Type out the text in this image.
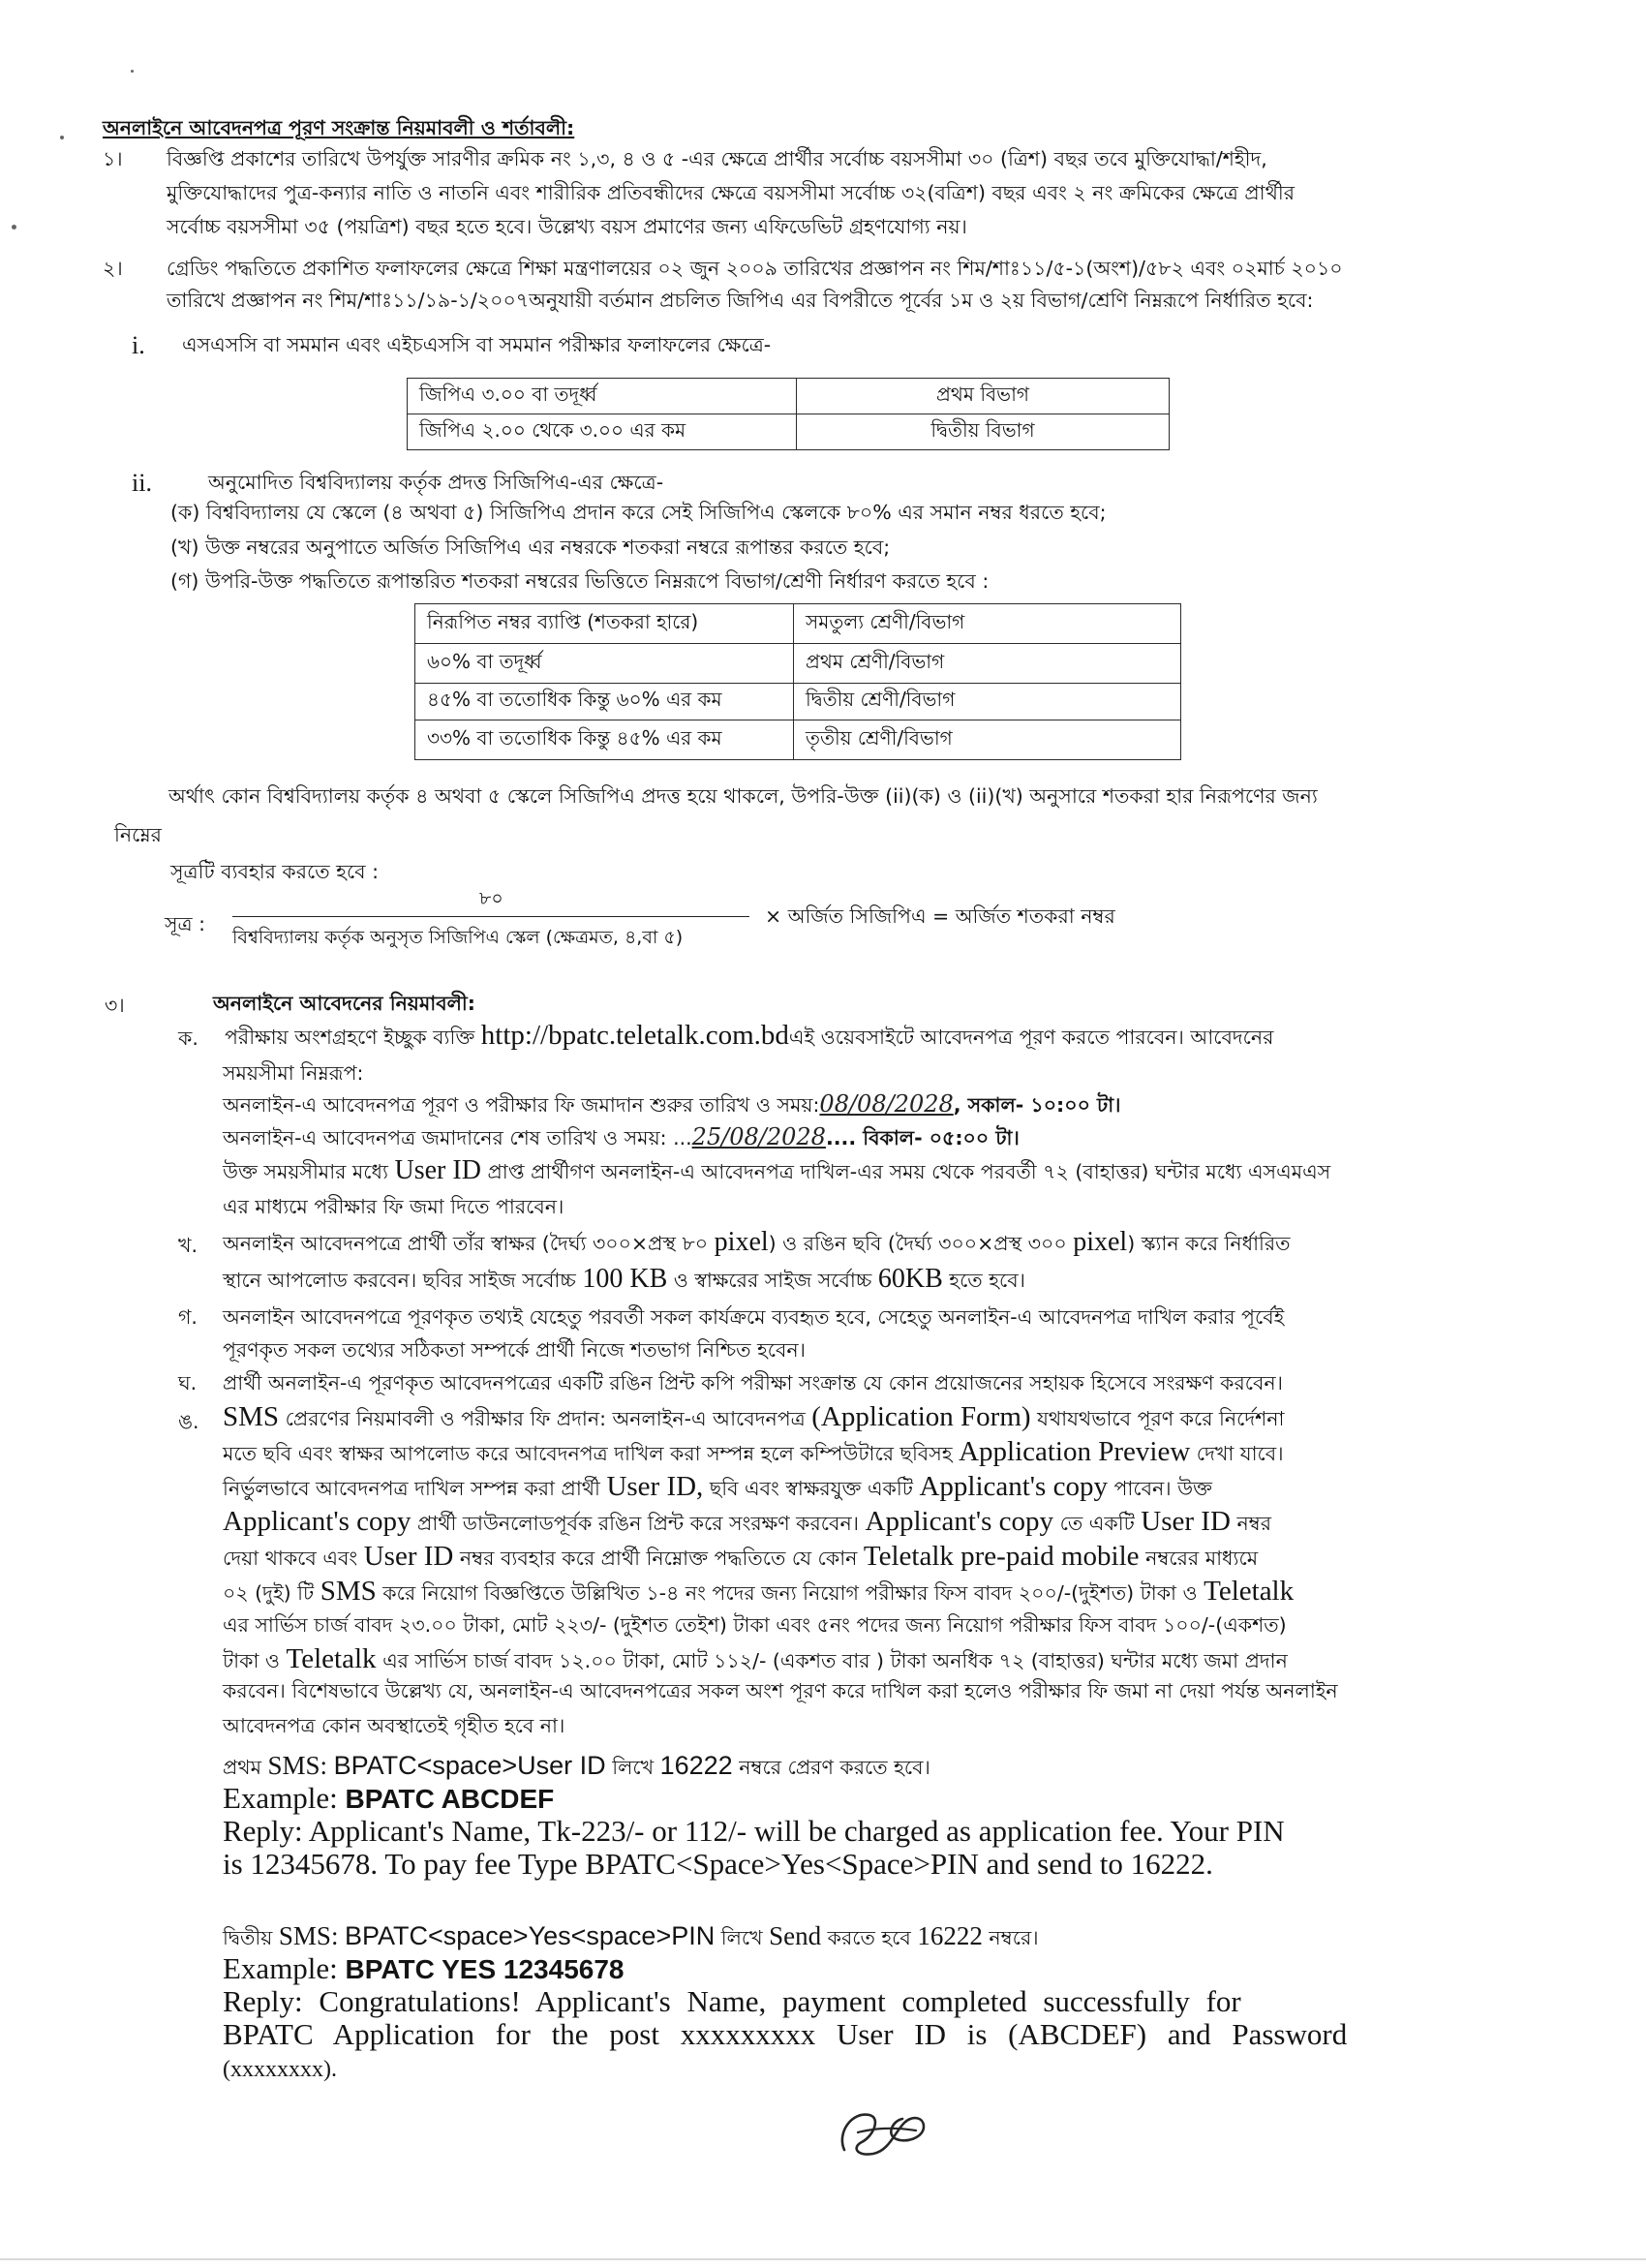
অনলাইনে আবেদনপত্র পূরণ সংক্রান্ত নিয়মাবলী ও শর্তাবলী:
১। বিজ্ঞপ্তি প্রকাশের তারিখে উপর্যুক্ত সারণীর ক্রমিক নং ১,৩, ৪ ও ৫ -এর ক্ষেত্রে প্রার্থীর সর্বোচ্চ বয়সসীমা ৩০ (ত্রিশ) বছর তবে মুক্তিযোদ্ধা/শহীদ,
মুক্তিযোদ্ধাদের পুত্র-কন্যার নাতি ও নাতনি এবং শারীরিক প্রতিবন্ধীদের ক্ষেত্রে বয়সসীমা সর্বোচ্চ ৩২(বত্রিশ) বছর এবং ২ নং ক্রমিকের ক্ষেত্রে প্রার্থীর
সর্বোচ্চ বয়সসীমা ৩৫ (পয়ত্রিশ) বছর হতে হবে। উল্লেখ্য বয়স প্রমাণের জন্য এফিডেভিট গ্রহণযোগ্য নয়।
২। গ্রেডিং পদ্ধতিতে প্রকাশিত ফলাফলের ক্ষেত্রে শিক্ষা মন্ত্রণালয়ের ০২ জুন ২০০৯ তারিখের প্রজ্ঞাপন নং শিম/শাঃ১১/৫-১(অংশ)/৫৮২ এবং ০২মার্চ ২০১০
তারিখে প্রজ্ঞাপন নং শিম/শাঃ১১/১৯-১/২০০৭অনুযায়ী বর্তমান প্রচলিত জিপিএ এর বিপরীতে পূর্বের ১ম ও ২য় বিভাগ/শ্রেণি নিম্নরূপে নির্ধারিত হবে:
i. এসএসসি বা সমমান এবং এইচএসসি বা সমমান পরীক্ষার ফলাফলের ক্ষেত্রে-
জিপিএ ৩.০০ বা তদূর্ধ্ব	প্রথম বিভাগ
জিপিএ ২.০০ থেকে ৩.০০ এর কম	দ্বিতীয় বিভাগ
ii.	অনুমোদিত বিশ্ববিদ্যালয় কর্তৃক প্রদত্ত সিজিপিএ-এর ক্ষেত্রে-
(ক) বিশ্ববিদ্যালয় যে স্কেলে (৪ অথবা ৫) সিজিপিএ প্রদান করে সেই সিজিপিএ স্কেলকে ৮০% এর সমান নম্বর ধরতে হবে;
(খ) উক্ত নম্বরের অনুপাতে অর্জিত সিজিপিএ এর নম্বরকে শতকরা নম্বরে রূপান্তর করতে হবে;
(গ) উপরি-উক্ত পদ্ধতিতে রূপান্তরিত শতকরা নম্বরের ভিত্তিতে নিম্নরূপে বিভাগ/শ্রেণী নির্ধারণ করতে হবে :
নিরূপিত নম্বর ব্যাপ্তি (শতকরা হারে)	সমতুল্য শ্রেণী/বিভাগ
৬০% বা তদূর্ধ্ব	প্রথম শ্রেণী/বিভাগ
৪৫% বা ততোধিক কিন্তু ৬০% এর কম	দ্বিতীয় শ্রেণী/বিভাগ
৩৩% বা ততোধিক কিন্তু ৪৫% এর কম	তৃতীয় শ্রেণী/বিভাগ
অর্থাৎ কোন বিশ্ববিদ্যালয় কর্তৃক ৪ অথবা ৫ স্কেলে সিজিপিএ প্রদত্ত হয়ে থাকলে, উপরি-উক্ত (ii)(ক) ও (ii)(খ) অনুসারে শতকরা হার নিরূপণের জন্য
নিম্নের
সূত্রটি ব্যবহার করতে হবে :
সূত্র :
৮০
বিশ্ববিদ্যালয় কর্তৃক অনুসৃত সিজিপিএ স্কেল (ক্ষেত্রমত, ৪,বা ৫)
× অর্জিত সিজিপিএ = অর্জিত শতকরা নম্বর
৩।	অনলাইনে আবেদনের নিয়মাবলী:
ক. পরীক্ষায় অংশগ্রহণে ইচ্ছুক ব্যক্তি http://bpatc.teletalk.com.bdএই ওয়েবসাইটে আবেদনপত্র পূরণ করতে পারবেন। আবেদনের
সময়সীমা নিম্নরূপ:
অনলাইন-এ আবেদনপত্র পূরণ ও পরীক্ষার ফি জমাদান শুরুর তারিখ ও সময়:08/08/2028, সকাল- ১০:০০ টা।
অনলাইন-এ আবেদনপত্র জমাদানের শেষ তারিখ ও সময়: ...25/08/2028.... বিকাল- ০৫:০০ টা।
উক্ত সময়সীমার মধ্যে User ID প্রাপ্ত প্রার্থীগণ অনলাইন-এ আবেদনপত্র দাখিল-এর সময় থেকে পরবর্তী ৭২ (বাহাত্তর) ঘন্টার মধ্যে এসএমএস
এর মাধ্যমে পরীক্ষার ফি জমা দিতে পারবেন।
খ. অনলাইন আবেদনপত্রে প্রার্থী তাঁর স্বাক্ষর (দৈর্ঘ্য ৩০০×প্রস্থ ৮০ pixel) ও রঙিন ছবি (দৈর্ঘ্য ৩০০×প্রস্থ ৩০০ pixel) স্ক্যান করে নির্ধারিত
স্থানে আপলোড করবেন। ছবির সাইজ সর্বোচ্চ 100 KB ও স্বাক্ষরের সাইজ সর্বোচ্চ 60KB হতে হবে।
গ. অনলাইন আবেদনপত্রে পূরণকৃত তথ্যই যেহেতু পরবর্তী সকল কার্যক্রমে ব্যবহৃত হবে, সেহেতু অনলাইন-এ আবেদনপত্র দাখিল করার পূর্বেই
পূরণকৃত সকল তথ্যের সঠিকতা সম্পর্কে প্রার্থী নিজে শতভাগ নিশ্চিত হবেন।
ঘ. প্রার্থী অনলাইন-এ পূরণকৃত আবেদনপত্রের একটি রঙিন প্রিন্ট কপি পরীক্ষা সংক্রান্ত যে কোন প্রয়োজনের সহায়ক হিসেবে সংরক্ষণ করবেন।
ঙ. SMS প্রেরণের নিয়মাবলী ও পরীক্ষার ফি প্রদান: অনলাইন-এ আবেদনপত্র (Application Form) যথাযথভাবে পূরণ করে নির্দেশনা
মতে ছবি এবং স্বাক্ষর আপলোড করে আবেদনপত্র দাখিল করা সম্পন্ন হলে কম্পিউটারে ছবিসহ Application Preview দেখা যাবে।
নির্ভুলভাবে আবেদনপত্র দাখিল সম্পন্ন করা প্রার্থী User ID, ছবি এবং স্বাক্ষরযুক্ত একটি Applicant's copy পাবেন। উক্ত
Applicant's copy প্রার্থী ডাউনলোডপূর্বক রঙিন প্রিন্ট করে সংরক্ষণ করবেন। Applicant's copy তে একটি User ID নম্বর
দেয়া থাকবে এবং User ID নম্বর ব্যবহার করে প্রার্থী নিম্নোক্ত পদ্ধতিতে যে কোন Teletalk pre-paid mobile নম্বরের মাধ্যমে
০২ (দুই) টি SMS করে নিয়োগ বিজ্ঞপ্তিতে উল্লিখিত ১-৪ নং পদের জন্য নিয়োগ পরীক্ষার ফিস বাবদ ২০০/-(দুইশত) টাকা ও Teletalk
এর সার্ভিস চার্জ বাবদ ২৩.০০ টাকা, মোট ২২৩/- (দুইশত তেইশ) টাকা এবং ৫নং পদের জন্য নিয়োগ পরীক্ষার ফিস বাবদ ১০০/-(একশত)
টাকা ও Teletalk এর সার্ভিস চার্জ বাবদ ১২.০০ টাকা, মোট ১১২/- (একশত বার ) টাকা অনধিক ৭২ (বাহাত্তর) ঘন্টার মধ্যে জমা প্রদান
করবেন। বিশেষভাবে উল্লেখ্য যে, অনলাইন-এ আবেদনপত্রের সকল অংশ পূরণ করে দাখিল করা হলেও পরীক্ষার ফি জমা না দেয়া পর্যন্ত অনলাইন
আবেদনপত্র কোন অবস্থাতেই গৃহীত হবে না।
প্রথম SMS: BPATC<space>User ID লিখে 16222 নম্বরে প্রেরণ করতে হবে।
Example: BPATC ABCDEF
Reply: Applicant's Name, Tk-223/- or 112/- will be charged as application fee. Your PIN
is 12345678. To pay fee Type BPATC<Space>Yes<Space>PIN and send to 16222.
দ্বিতীয় SMS: BPATC<space>Yes<space>PIN লিখে Send করতে হবে 16222 নম্বরে।
Example: BPATC YES 12345678
Reply: Congratulations! Applicant's Name, payment completed successfully for
BPATC Application for the post xxxxxxxxx User ID is (ABCDEF) and Password
(xxxxxxxx).
